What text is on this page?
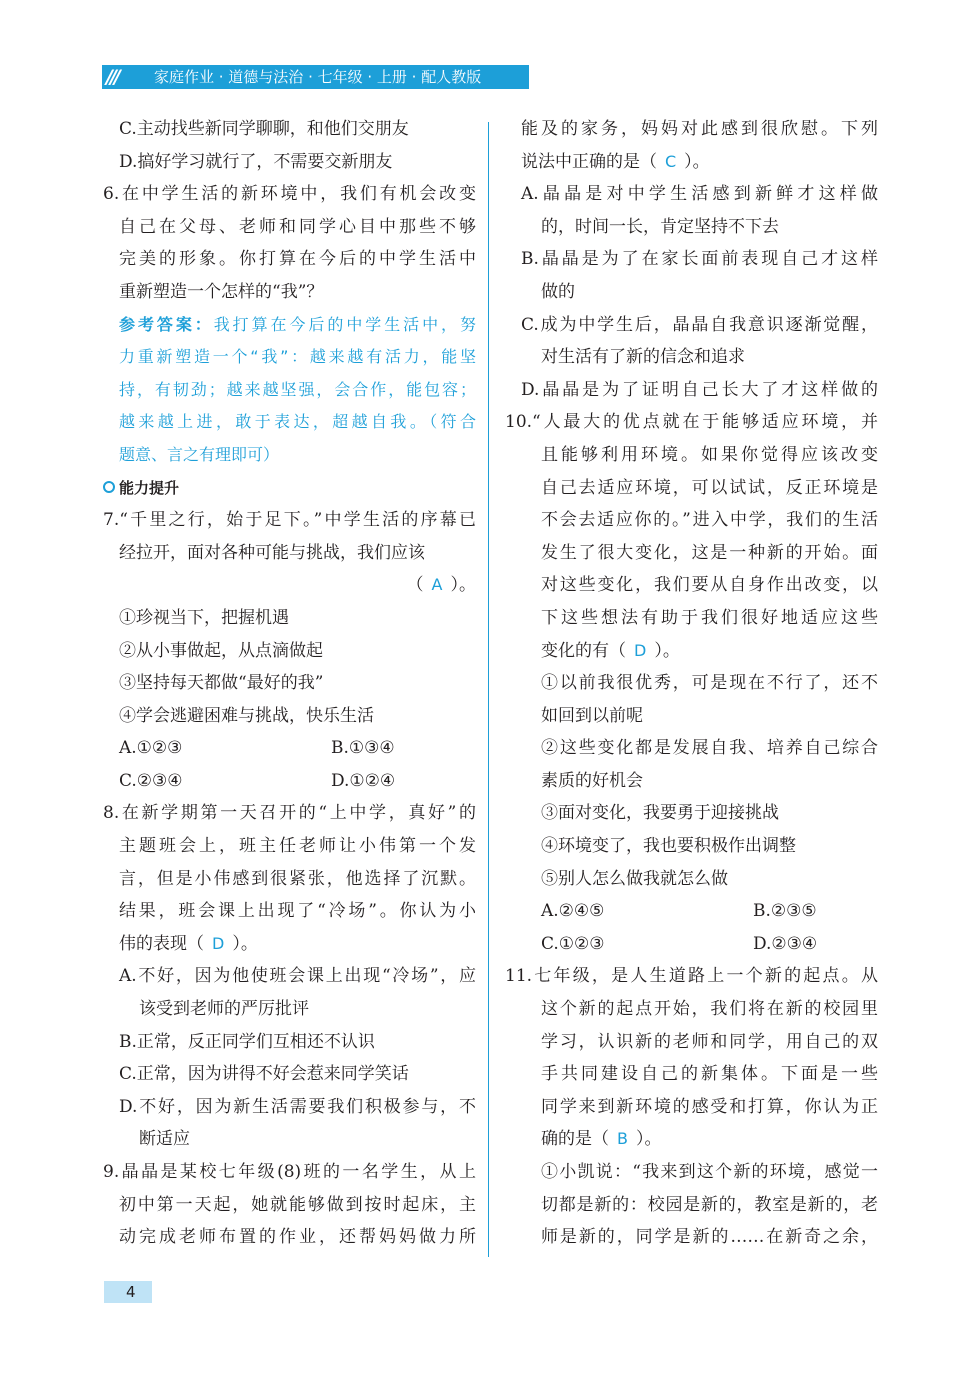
/// 家庭作业 · 道德与法治 · 七年级 · 上册 · 配人教版
C.主动找些新同学聊聊，和他们交朋友
D.搞好学习就行了，不需要交新朋友
6.在中学生活的新环境中，我们有机会改变
自己在父母、老师和同学心目中那些不够
完美的形象。你打算在今后的中学生活中
重新塑造一个怎样的“我”？
参考答案：我打算在今后的中学生活中，努
力重新塑造一个“我”：越来越有活力，能坚
持，有韧劲；越来越坚强，会合作，能包容；
越来越上进，敢于表达，超越自我。（符合
题意、言之有理即可）
能力提升
7.“千里之行，始于足下。”中学生活的序幕已
经拉开，面对各种可能与挑战，我们应该
（ A ）。
①珍视当下，把握机遇
②从小事做起，从点滴做起
③坚持每天都做“最好的我”
④学会逃避困难与挑战，快乐生活
A.①②③	B.①③④
C.②③④	D.①②④
8.在新学期第一天召开的“上中学，真好”的
主题班会上，班主任老师让小伟第一个发
言，但是小伟感到很紧张，他选择了沉默。
结果，班会课上出现了“冷场”。你认为小
伟的表现（ D ）。
A.不好，因为他使班会课上出现“冷场”，应
该受到老师的严厉批评
B.正常，反正同学们互相还不认识
C.正常，因为讲得不好会惹来同学笑话
D.不好，因为新生活需要我们积极参与，不
断适应
9.晶晶是某校七年级(8)班的一名学生，从上
初中第一天起，她就能够做到按时起床，主
动完成老师布置的作业，还帮妈妈做力所
能及的家务，妈妈对此感到很欣慰。下列
说法中正确的是（ C ）。
A.晶晶是对中学生活感到新鲜才这样做
的，时间一长，肯定坚持不下去
B.晶晶是为了在家长面前表现自己才这样
做的
C.成为中学生后，晶晶自我意识逐渐觉醒，
对生活有了新的信念和追求
D.晶晶是为了证明自己长大了才这样做的
10.“人最大的优点就在于能够适应环境，并
且能够利用环境。如果你觉得应该改变
自己去适应环境，可以试试，反正环境是
不会去适应你的。”进入中学，我们的生活
发生了很大变化，这是一种新的开始。面
对这些变化，我们要从自身作出改变，以
下这些想法有助于我们很好地适应这些
变化的有（ D ）。
①以前我很优秀，可是现在不行了，还不
如回到以前呢
②这些变化都是发展自我、培养自己综合
素质的好机会
③面对变化，我要勇于迎接挑战
④环境变了，我也要积极作出调整
⑤别人怎么做我就怎么做
A.②④⑤	B.②③⑤
C.①②③	D.②③④
11.七年级，是人生道路上一个新的起点。从
这个新的起点开始，我们将在新的校园里
学习，认识新的老师和同学，用自己的双
手共同建设自己的新集体。下面是一些
同学来到新环境的感受和打算，你认为正
确的是（ B ）。
①小凯说：“我来到这个新的环境，感觉一
切都是新的：校园是新的，教室是新的，老
师是新的，同学是新的……在新奇之余，
4
